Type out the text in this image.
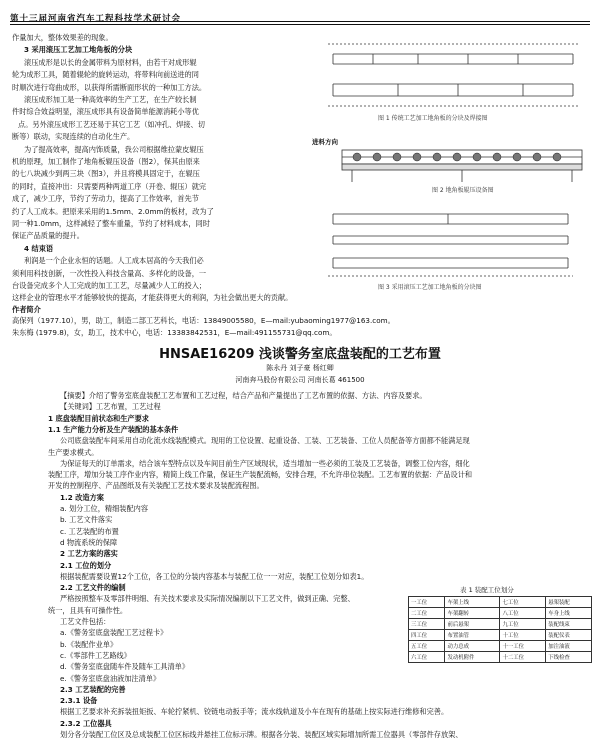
第十三届河南省汽车工程科技学术研讨会
作量加大，整体效果差的现象。
3 采用滚压工艺加工地角板的分块
滚压成形是以长的金属带料为原材料，由若干对成形辊
轮为成形工具，随着辊轮的旋转运动，将带料向前送进的同
时顺次进行弯曲成形，以获得所需断面形状的一种加工方法。
滚压成形加工是一种高效率的生产工艺，在生产较长制
件时综合效益明显，滚压成形具有设备简单能源消耗小等优
点。另外滚压成形工艺还易于其它工艺（如冲孔、焊接、切
断等）联动，实现连续的自动化生产。
为了提高效率，提高内饰质量，我公司根据维拉蒙皮辊压
机的原理，加工制作了地角板辊压设备（图2），保其由原来
的七八块减少到两三块（图3），并且将模具固定于，在辊压
的同时，直接冲出：只需要两种两道工序（开卷、辊压）就完
成了，减少工序，节约了劳动力，提高了工作效率，首先节
约了人工成本。把原来采用的1.5mm、2.0mm的板材，改为了
同一种1.0mm，这样减轻了整车重量，节约了材料成本，同时
保证产品质量的提升。
4 结束语
利润是一个企业永恒的话题。人工成本居高的今天我们必
须利用科技创新，一次性投入科技含量高、多样化的设备，一
台设备完成多个人工完成的加工工艺，尽量减少人工的投入；
图 1 传统工艺加工地角板的分块及焊接图
进料方向
图 2 地角板辊压设备图
图 3 采用滚压工艺加工地角板的分块图
这样企业的管理水平才能够较快的提高，才能获得更大的利润，为社会做出更大的贡献。
作者简介
高保列（1977.10），男，助工，制造二部工艺科长，电话：13849005580，E—mail:yubaoming1977@163.com。
朱东梅 (1979.8)，女，助工，技术中心，电话：13383842531，E—mail:491155731@qq.com。
HNSAE16209 浅谈警务室底盘装配的工艺布置
陈永丹 刘子豪 杨红卿
河南奔马股份有限公司 河南长葛 461500
【摘要】介绍了警务室底盘装配工艺布置和工艺过程，结合产品和产量提出了工艺布置的依据、方法、内容及要求。
【关键词】工艺布置，工艺过程
1 底盘装配目前状态和生产要求
1.1 生产能力分析及生产装配的基本条件
公司底盘装配车间采用自动化流水线装配模式。现用的工位设置、起重设备、工装、工艺装备、工位人员配备等方面都不能满足现
生产要求模式。
为保证每天的订单需求，结合该车型特点以及车间目前生产区域现状，适当增加一些必须的工装及工艺装备，调整工位内容，细化
装配工序，增加分装工序作业内容，精简上线工作量，保证生产装配流畅，安排合理，不允许串位装配。工艺布置的依据：产品设计和
开发的控制程序、产品图纸及有关装配工艺技术要求及装配流程图。
1.2 改造方案
a. 划分工位，精细装配内容
b. 工艺文件落实
c. 工艺装配的布置
d 物流系统的保障
2 工艺方案的落实
2.1 工位的划分
根据装配需要设置12个工位，各工位的分装内容基本与装配工位一一对应，装配工位划分如表1。
2.2 工艺文件的编制
严格按照整车及零部件明细、有关技术要求及实际情况编制以下工艺文件，做到正确、完整、
统一，且具有可操作性。
工艺文件包括：
a.《警务室底盘装配工艺过程卡》
b.《装配作业单》
c.《零部件工艺路线》
d.《警务室底盘随车件及随车工具清单》
e.《警务室底盘油液加注清单》
2.3 工艺装配的完善
2.3.1 设备
根据工艺要求补充拆装扭矩扳、车轮拧紧机、铰链电动扳手等；流水线轨道及小车在现有的基础上按实际进行维修和完善。
2.3.2 工位器具
划分各分装配工位区及总成装配工位区标线并悬挂工位标示牌。根据各分装、装配区域实际增加所需工位器具（零部件存放架、
表 1 装配工位划分
一工位	车架上线	七工位	悬架装配
二工位	车架翻转	八工位	车身上线
三工位	前后悬架	九工位	装配线束
四工位	布置油管	十工位	装配仪表
五工位	动力总成	十一工位	加注油液
六工位	发动机附件	十二工位	下线检查
